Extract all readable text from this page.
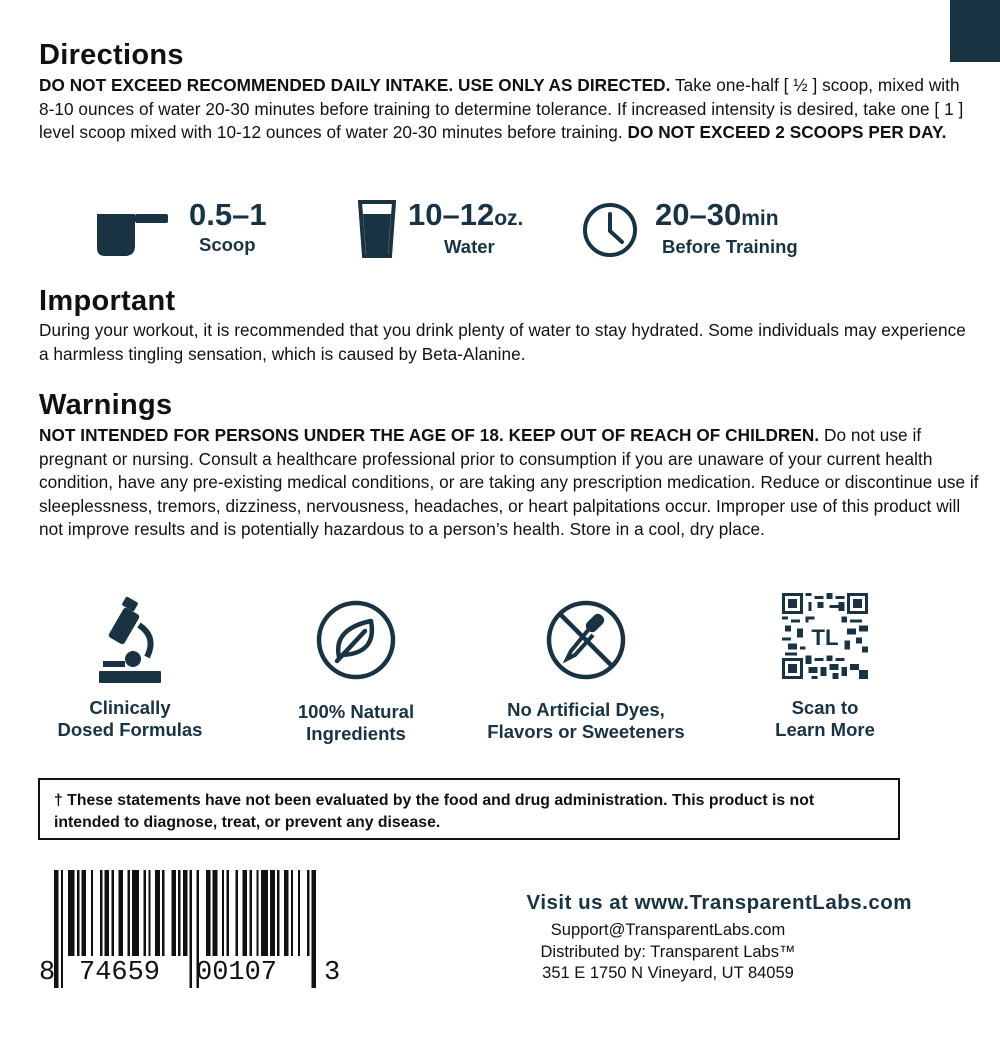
Directions

DO NOT EXCEED RECOMMENDED DAILY INTAKE. USE ONLY AS DIRECTED. Take one-half [ ½ ] scoop, mixed with 8-10 ounces of water 20-30 minutes before training to determine tolerance. If increased intensity is desired, take one [ 1 ] level scoop mixed with 10-12 ounces of water 20-30 minutes before training. DO NOT EXCEED 2 SCOOPS PER DAY.

0.5–1
Scoop
10–12oz.
Water
20–30min
Before Training
Important

During your workout, it is recommended that you drink plenty of water to stay hydrated. Some individuals may experience a harmless tingling sensation, which is caused by Beta-Alanine.

Warnings

NOT INTENDED FOR PERSONS UNDER THE AGE OF 18. KEEP OUT OF REACH OF CHILDREN. Do not use if pregnant or nursing. Consult a healthcare professional prior to consumption if you are unaware of your current health condition, have any pre-existing medical conditions, or are taking any prescription medication. Reduce or discontinue use if sleeplessness, tremors, dizziness, nervousness, headaches, or heart palpitations occur. Improper use of this product will not improve results and is potentially hazardous to a person’s health. Store in a cool, dry place.

Clinically
Dosed Formulas
100% Natural
Ingredients
No Artificial Dyes,
Flavors or Sweeteners
TL
Scan to
Learn More
† These statements have not been evaluated by the food and drug administration. This product is not intended to diagnose, treat, or prevent any disease.
8 74659 00107 3
Visit us at www.TransparentLabs.com
Support@TransparentLabs.com
Distributed by: Transparent Labs™
351 E 1750 N Vineyard, UT 84059
